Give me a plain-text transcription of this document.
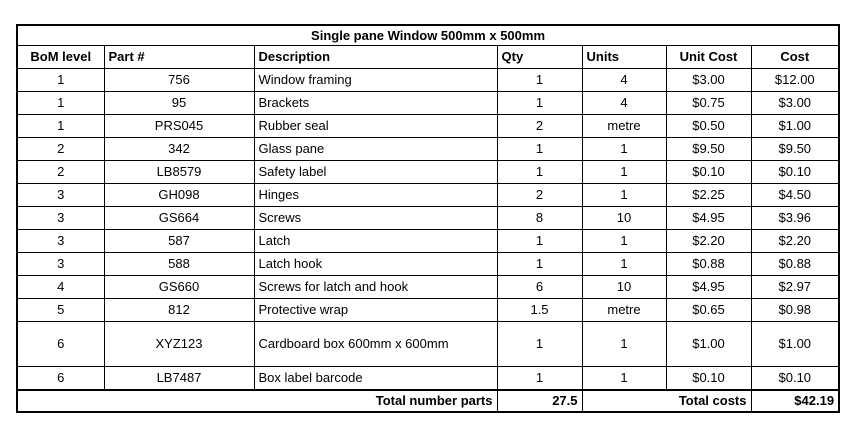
Single pane Window 500mm x 500mm						
BoM level	Part #	Description	Qty	Units	Unit Cost	Cost
1	756	Window framing	1	4	$3.00	$12.00
1	95	Brackets	1	4	$0.75	$3.00
1	PRS045	Rubber seal	2	metre	$0.50	$1.00
2	342	Glass pane	1	1	$9.50	$9.50
2	LB8579	Safety label	1	1	$0.10	$0.10
3	GH098	Hinges	2	1	$2.25	$4.50
3	GS664	Screws	8	10	$4.95	$3.96
3	587	Latch	1	1	$2.20	$2.20
3	588	Latch hook	1	1	$0.88	$0.88
4	GS660	Screws for latch and hook	6	10	$4.95	$2.97
5	812	Protective wrap	1.5	metre	$0.65	$0.98
6	XYZ123	Cardboard box 600mm x 600mm	1	1	$1.00	$1.00
6	LB7487	Box label barcode	1	1	$0.10	$0.10
Total number parts			27.5	Total costs		$42.19
